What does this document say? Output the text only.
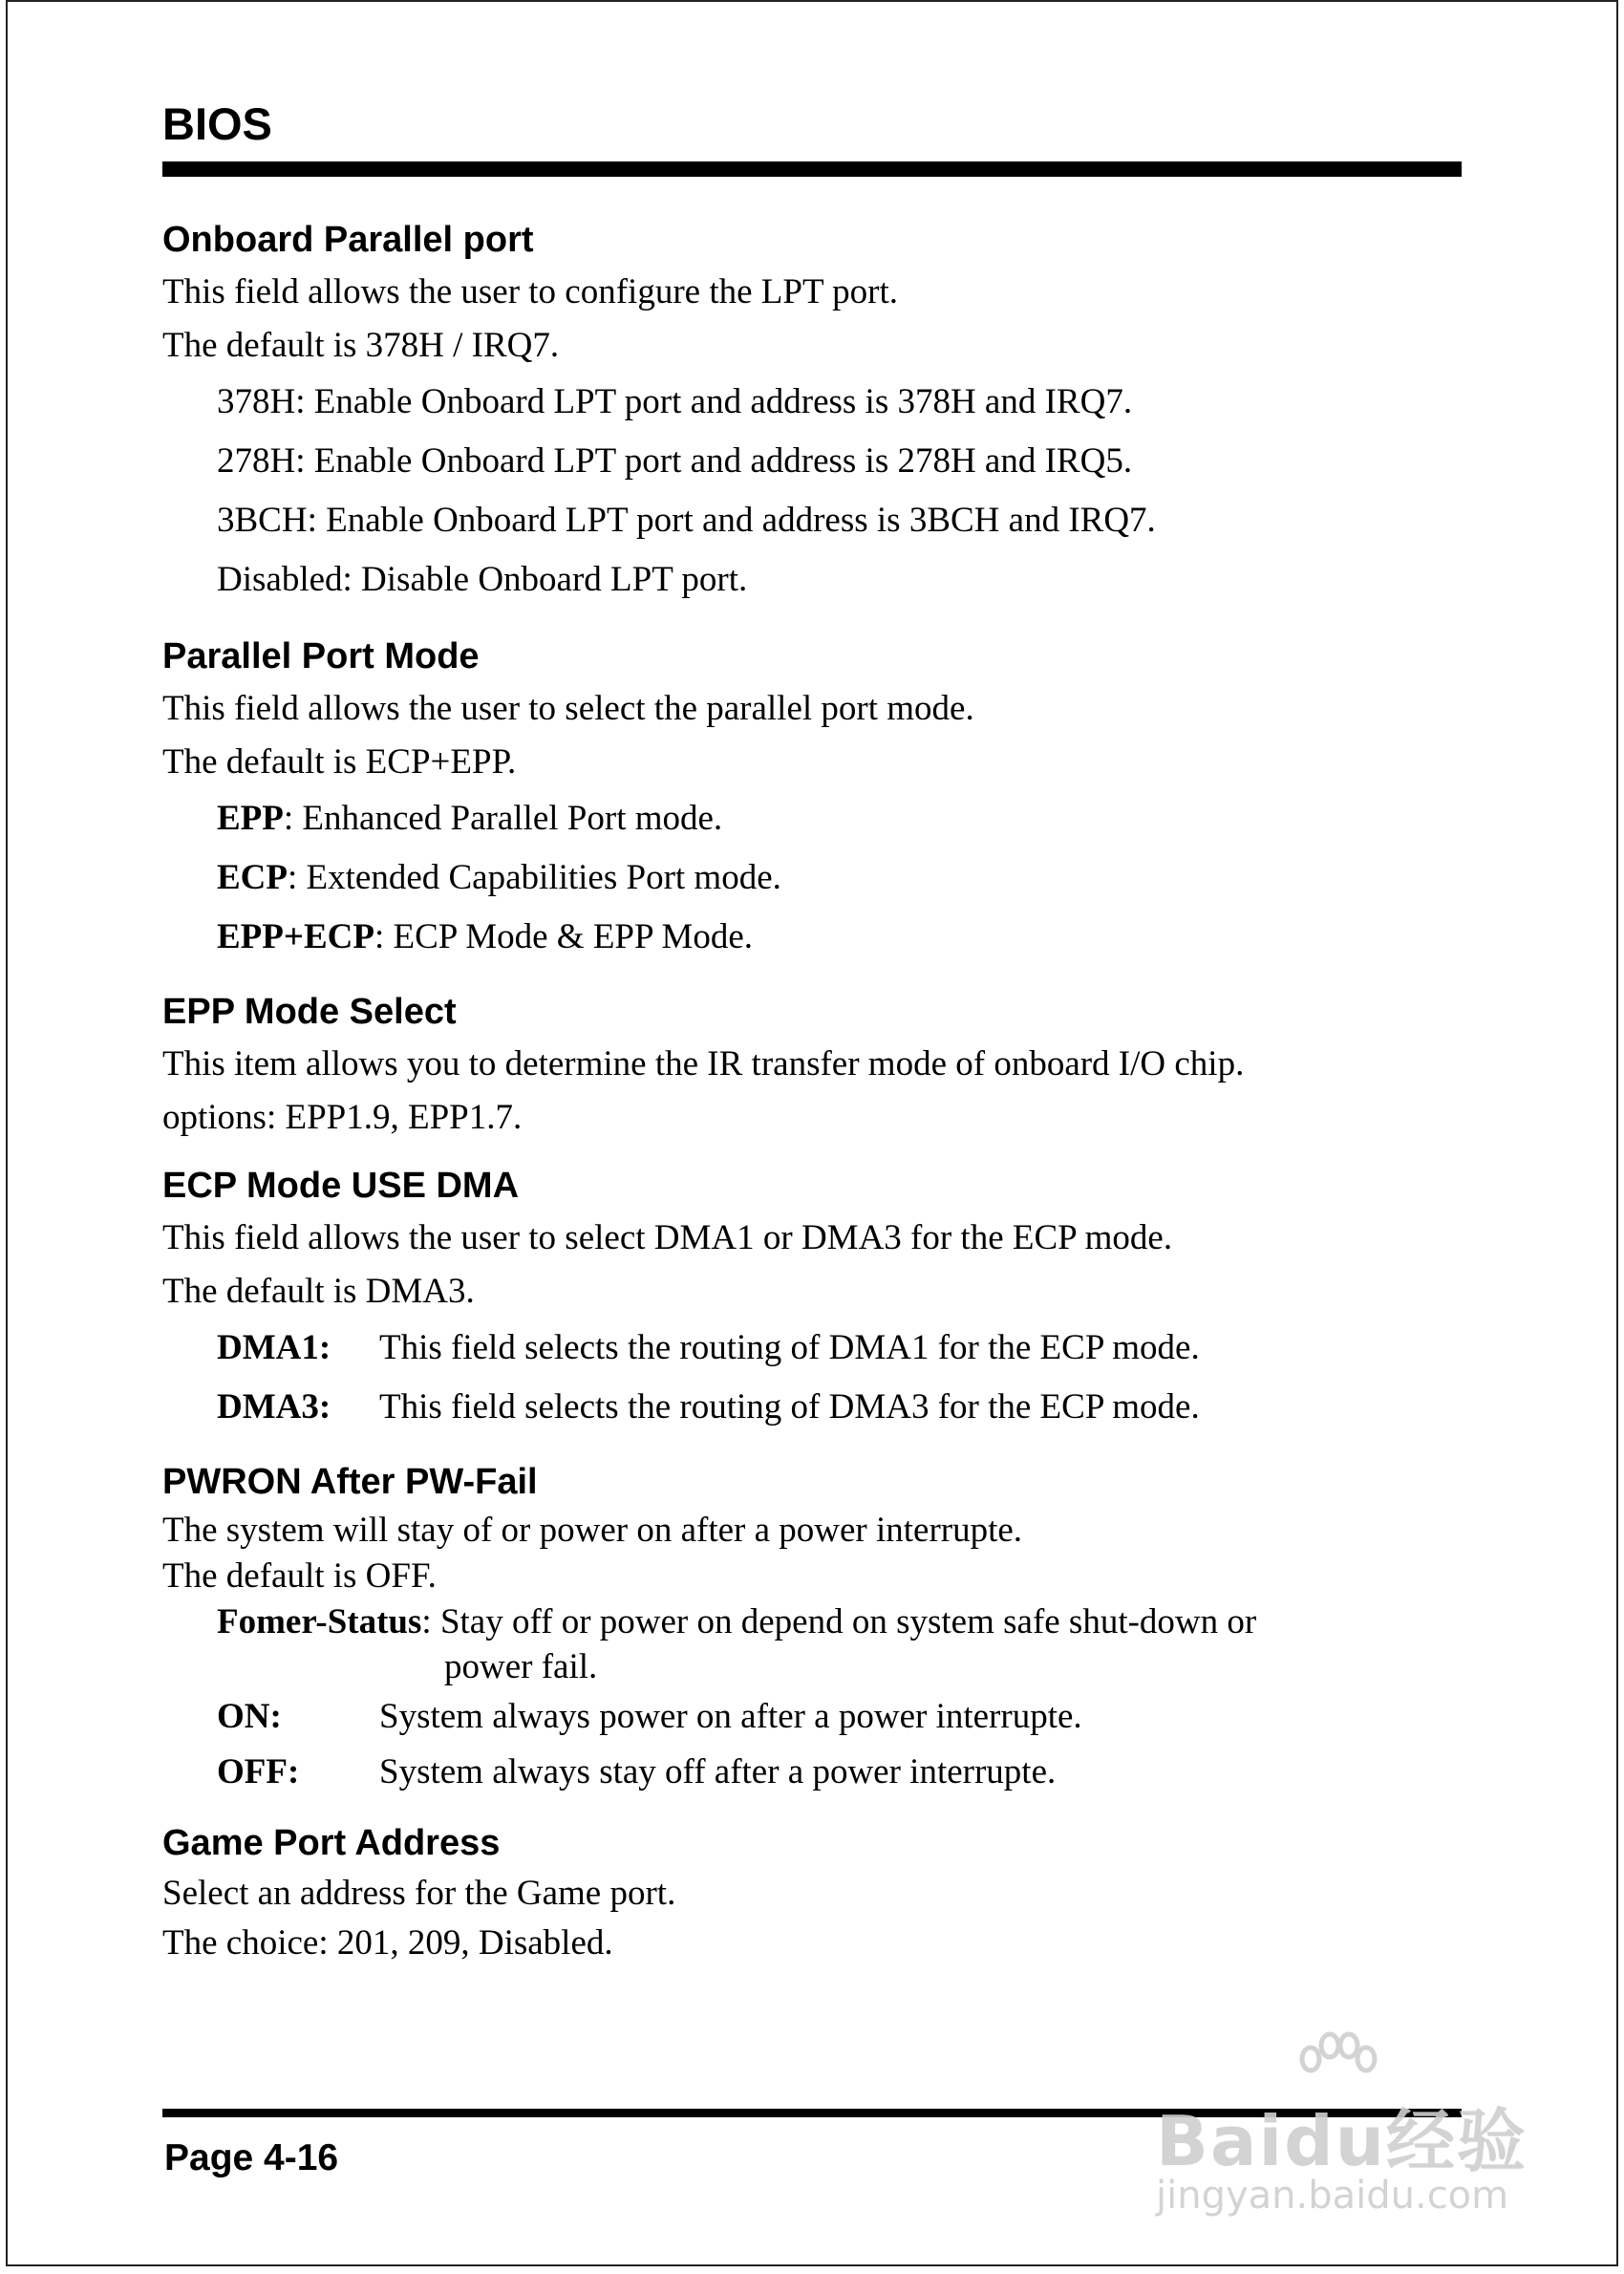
BIOS
Onboard Parallel port

This field allows the user to configure the LPT port.

The default is 378H / IRQ7.

378H: Enable Onboard LPT port and address is 378H and IRQ7.
278H: Enable Onboard LPT port and address is 278H and IRQ5.
3BCH: Enable Onboard LPT port and address is 3BCH and IRQ7.
Disabled: Disable Onboard LPT port.
Parallel Port Mode

This field allows the user to select the parallel port mode.

The default is ECP+EPP.

EPP: Enhanced Parallel Port mode.
ECP: Extended Capabilities Port mode.
EPP+ECP: ECP Mode & EPP Mode.
EPP Mode Select

This item allows you to determine the IR transfer mode of onboard I/O chip.

options: EPP1.9, EPP1.7.

ECP Mode USE DMA

This field allows the user to select DMA1 or DMA3 for the ECP mode.

The default is DMA3.

DMA1:	This field selects the routing of DMA1 for the ECP mode.
DMA3:	This field selects the routing of DMA3 for the ECP mode.
PWRON After PW-Fail

The system will stay of or power on after a power interrupte.

The default is OFF.

Fomer-Status: Stay off or power on depend on system safe shut-down or
power fail.
ON:	System always power on after a power interrupte.
OFF:	System always stay off after a power interrupte.
Game Port Address

Select an address for the Game port.

The choice: 201, 209, Disabled.

Page 4-16	Baidu经验
jingyan.baidu.com
